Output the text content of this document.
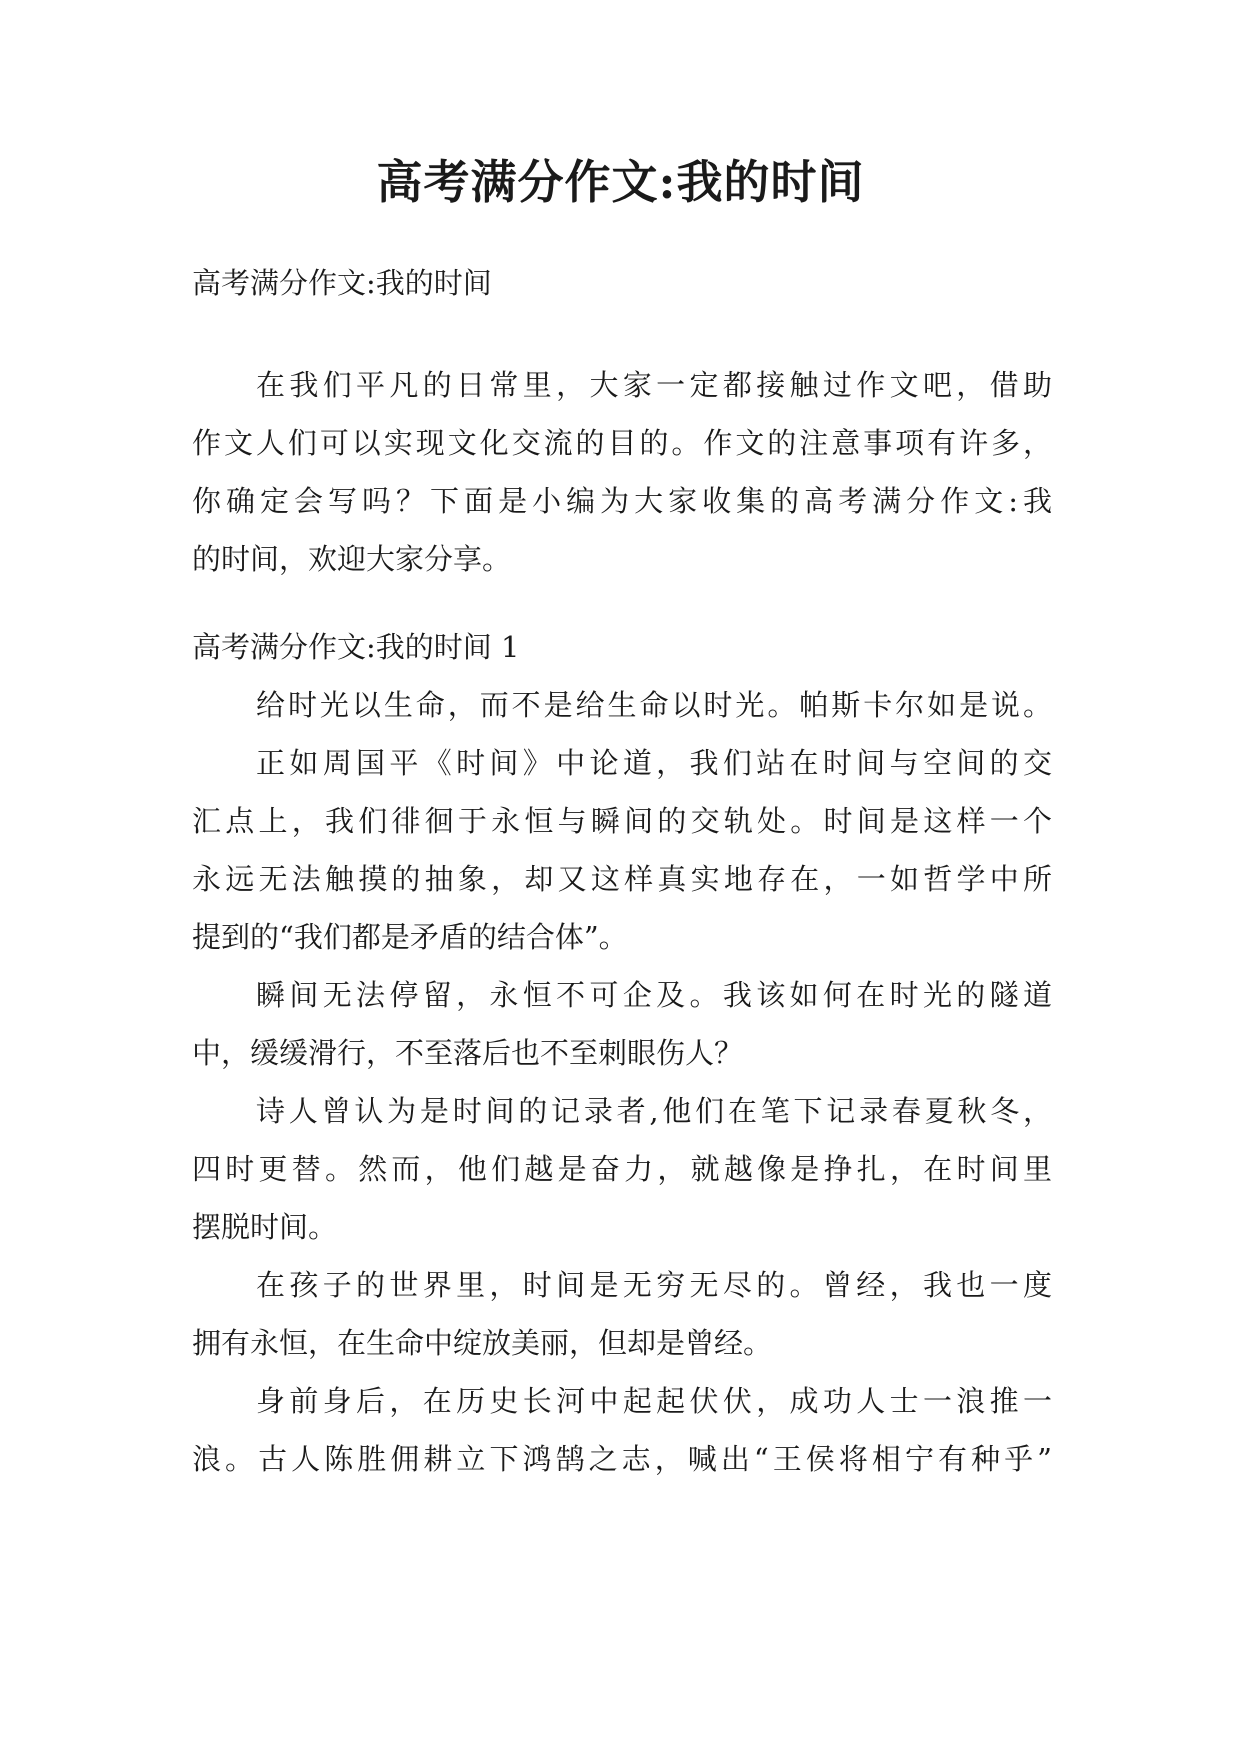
高考满分作文:我的时间
高考满分作文:我的时间
在我们平凡的日常里，大家一定都接触过作文吧，借助
作文人们可以实现文化交流的目的。作文的注意事项有许多，
你确定会写吗？下面是小编为大家收集的高考满分作文:我
的时间，欢迎大家分享。
高考满分作文:我的时间 1
给时光以生命，而不是给生命以时光。帕斯卡尔如是说。
正如周国平《时间》中论道，我们站在时间与空间的交
汇点上，我们徘徊于永恒与瞬间的交轨处。时间是这样一个
永远无法触摸的抽象，却又这样真实地存在，一如哲学中所
提到的“我们都是矛盾的结合体”。
瞬间无法停留，永恒不可企及。我该如何在时光的隧道
中，缓缓滑行，不至落后也不至刺眼伤人？
诗人曾认为是时间的记录者,他们在笔下记录春夏秋冬，
四时更替。然而，他们越是奋力，就越像是挣扎，在时间里
摆脱时间。
在孩子的世界里，时间是无穷无尽的。曾经，我也一度
拥有永恒，在生命中绽放美丽，但却是曾经。
身前身后，在历史长河中起起伏伏，成功人士一浪推一
浪。古人陈胜佣耕立下鸿鹄之志，喊出“王侯将相宁有种乎”
